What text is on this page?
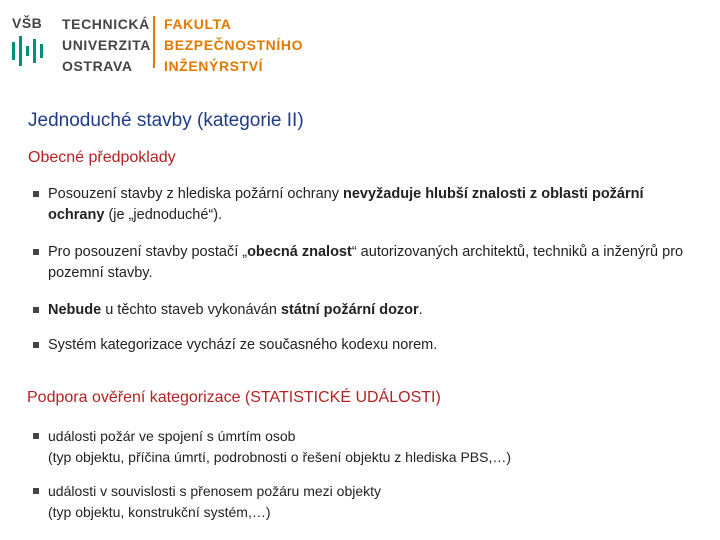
VŠB TECHNICKÁ
UNIVERZITA
OSTRAVA
FAKULTA
BEZPEČNOSTNÍHO
INŽENÝRSTVÍ
Jednoduché stavby (kategorie II)
Obecné předpoklady
Posouzení stavby z hlediska požární ochrany nevyžaduje hlubší znalosti z oblasti požární ochrany (je „jednoduché“).
Pro posouzení stavby postačí „obecná znalost“ autorizovaných architektů, techniků a inženýrů pro pozemní stavby.
Nebude u těchto staveb vykonáván státní požární dozor.
Systém kategorizace vychází ze současného kodexu norem.
Podpora ověření kategorizace (STATISTICKÉ UDÁLOSTI)
události požár ve spojení s úmrtím osob
(typ objektu, příčina úmrtí, podrobnosti o řešení objektu z hlediska PBS,…)
události v souvislosti s přenosem požáru mezi objekty
(typ objektu, konstrukční systém,…)
